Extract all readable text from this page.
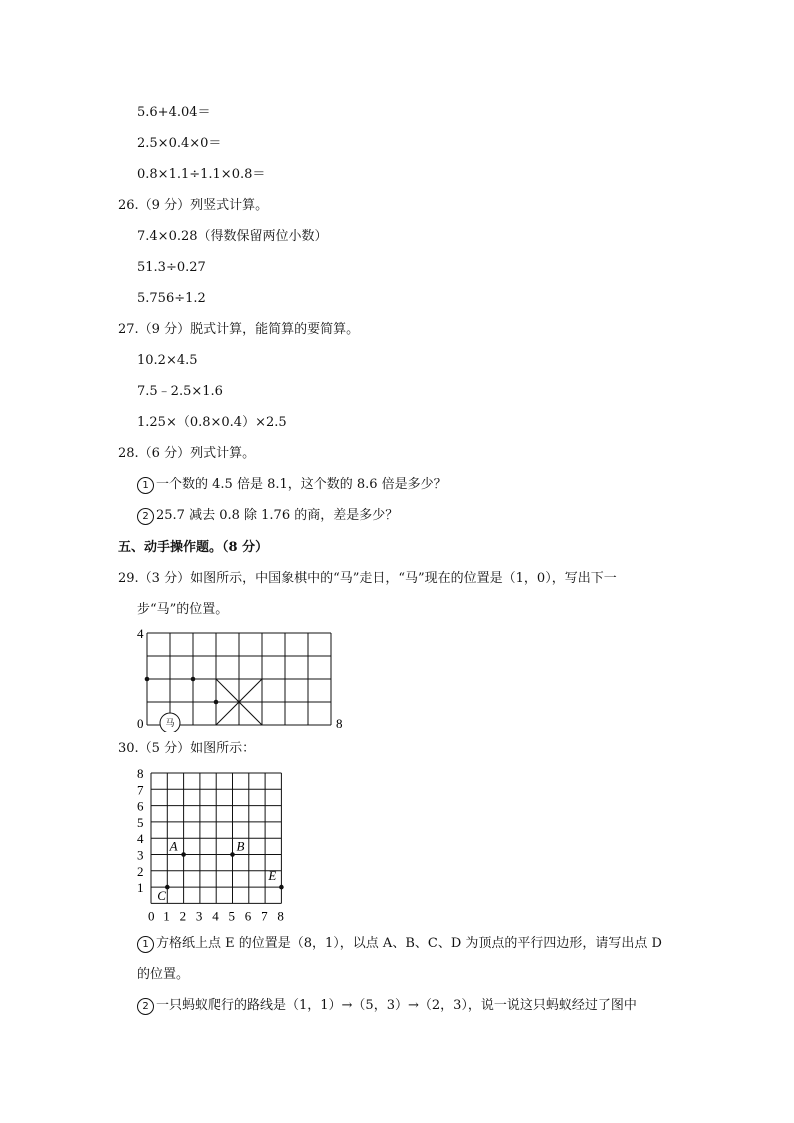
5.6+4.04＝
2.5×0.4×0＝
0.8×1.1÷1.1×0.8＝
26.（9 分）列竖式计算。
7.4×0.28（得数保留两位小数）
51.3÷0.27
5.756÷1.2
27.（9 分）脱式计算，能简算的要简算。
10.2×4.5
7.5﹣2.5×1.6
1.25×（0.8×0.4）×2.5
28.（6 分）列式计算。
1 一个数的 4.5 倍是 8.1，这个数的 8.6 倍是多少？
2 25.7 减去 0.8 除 1.76 的商，差是多少？
五、动手操作题。（8 分）
29.（3 分）如图所示，中国象棋中的“马”走日，“马”现在的位置是（1，0），写出下一
步“马”的位置。
4
0	8
马
30.（5 分）如图所示：
1
2
3
4
5
6
7
8
0 1 2 3 4 5 6 7 8
A	B
C
E
1 方格纸上点 E 的位置是（8，1），以点 A、B、C、D 为顶点的平行四边形，请写出点 D
的位置。
2 一只蚂蚁爬行的路线是（1，1）→（5，3）→（2，3），说一说这只蚂蚁经过了图中
